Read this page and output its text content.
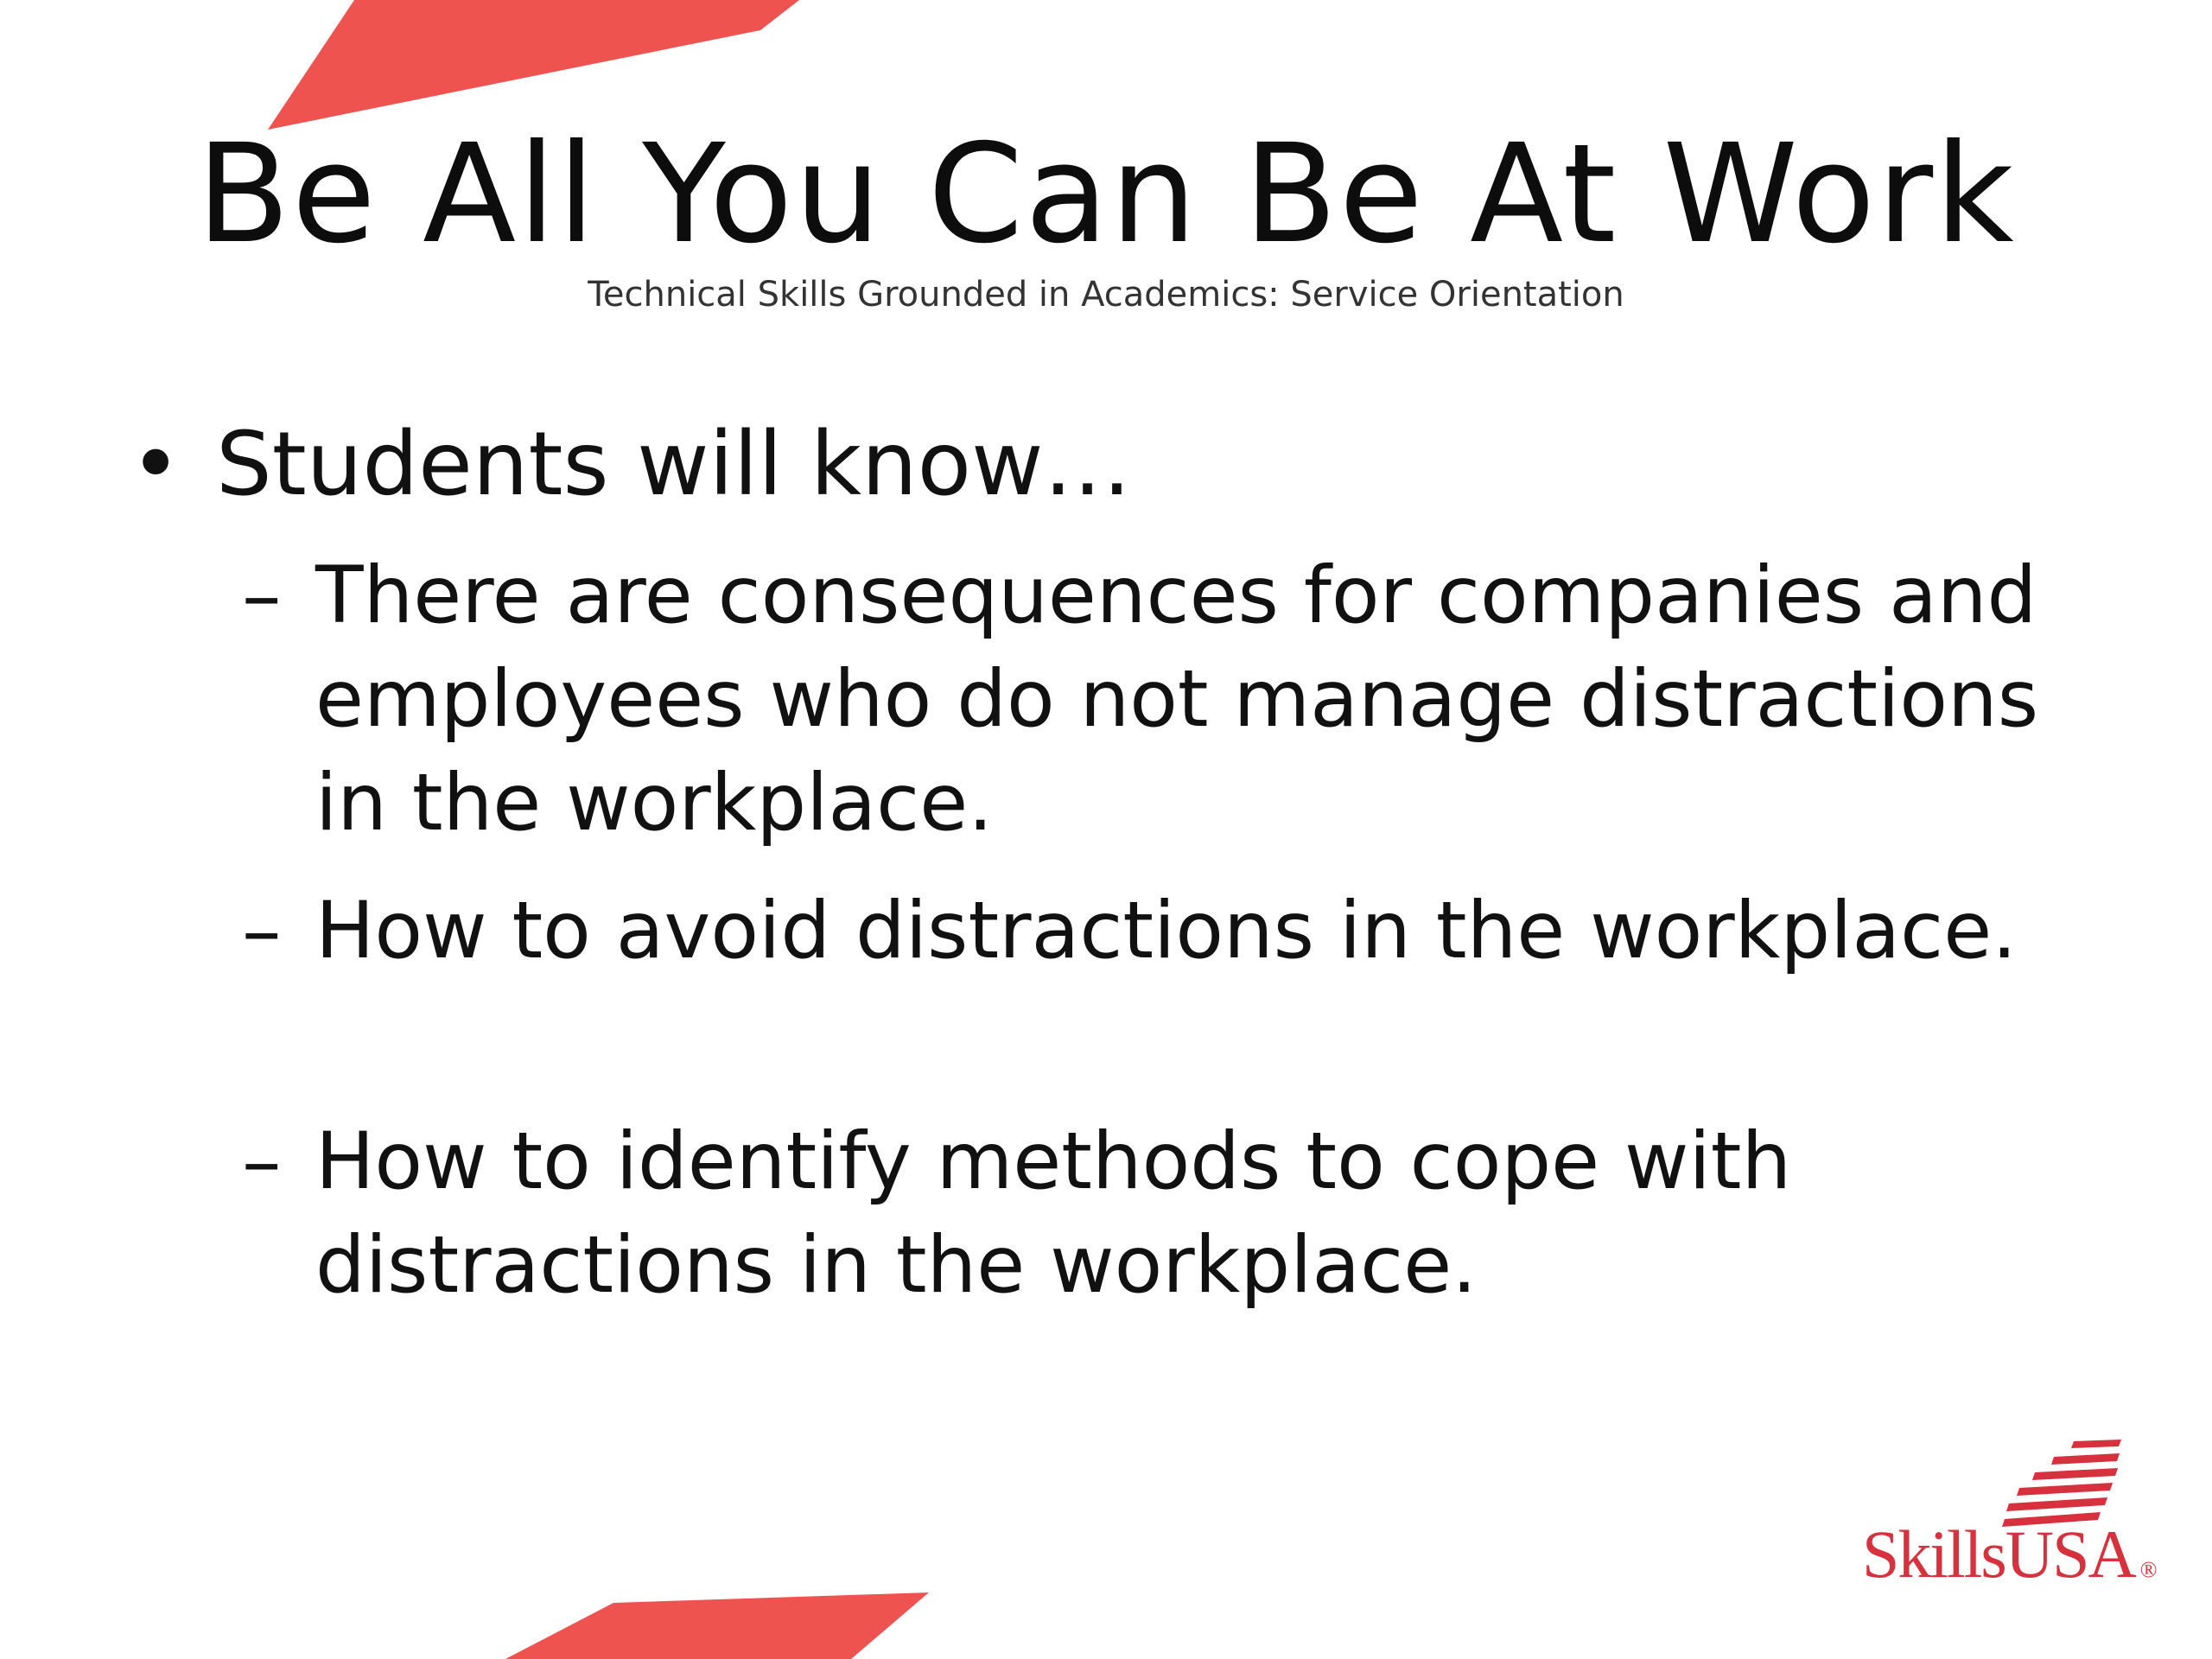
Be All You Can Be At Work
Technical Skills Grounded in Academics: Service Orientation
• Students will know…
– There are consequences for companies and employees who do not manage distractions in the workplace.
– How to avoid distractions in the workplace.
– How to identify methods to cope with distractions in the workplace.
SkillsUSA ®
